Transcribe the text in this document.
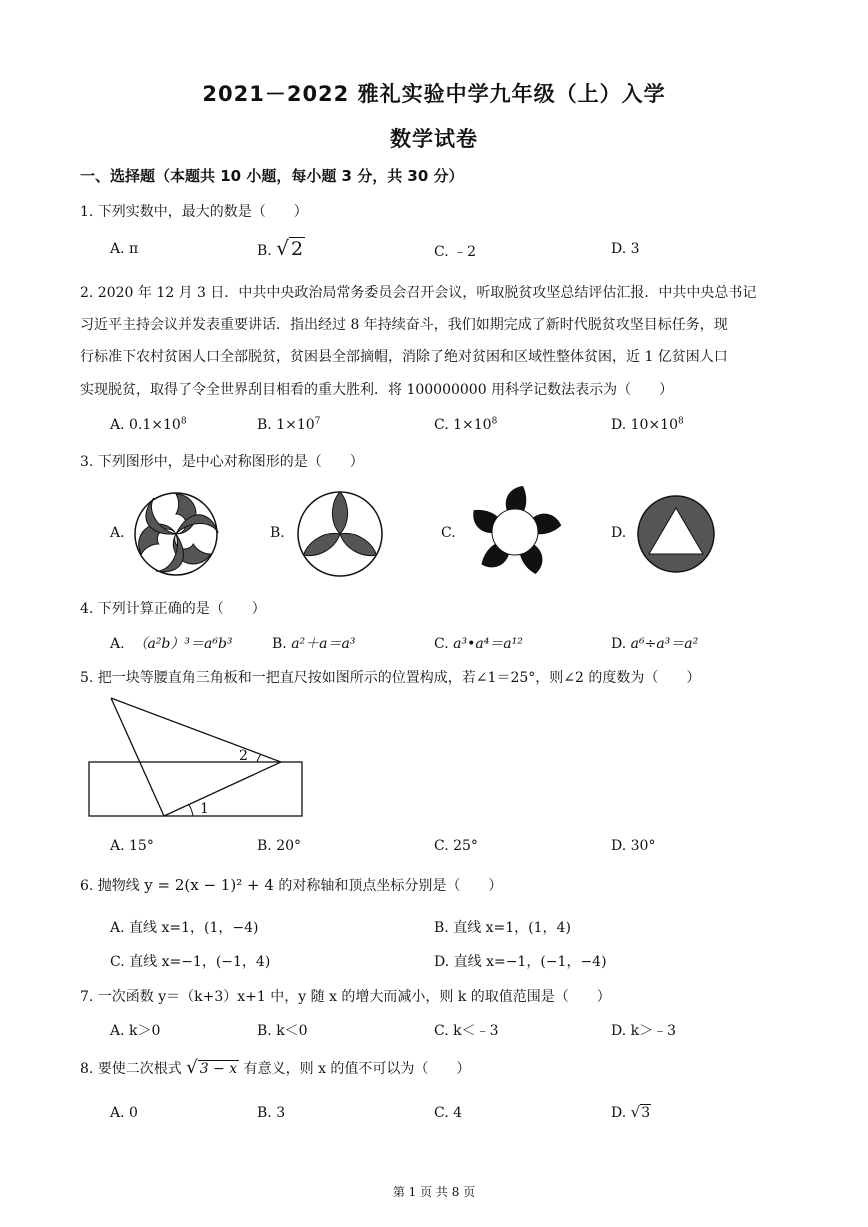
2021－2022 雅礼实验中学九年级（上）入学
数学试卷
一、选择题（本题共 10 小题，每小题 3 分，共 30 分）
1. 下列实数中，最大的数是（　　）
A. π	B. √ 2	C. ﹣2	D. 3
2. 2020 年 12 月 3 日．中共中央政治局常务委员会召开会议，听取脱贫攻坚总结评估汇报．中共中央总书记
习近平主持会议并发表重要讲话．指出经过 8 年持续奋斗，我们如期完成了新时代脱贫攻坚目标任务，现
行标准下农村贫困人口全部脱贫，贫困县全部摘帽，消除了绝对贫困和区域性整体贫困，近 1 亿贫困人口
实现脱贫，取得了令全世界刮目相看的重大胜利．将 100000000 用科学记数法表示为（　　）
A. $0.1\times 10^8$	B. $1\times 10^7$	C. $1\times 10^8$	D. $10\times 10^8$
3. 下列图形中，是中心对称图形的是（　　）
A.	B.	C.	D.
4. 下列计算正确的是（　　）
A. （a²b）³＝a⁶b³	B. a²＋a＝a³	C. a³•a⁴＝a¹²	D. a⁶÷a³＝a²
5. 把一块等腰直角三角板和一把直尺按如图所示的位置构成，若∠1＝25°，则∠2 的度数为（　　）
1
2
A. 15°	B. 20°	C. 25°	D. 30°
6. 抛物线 y = 2(x − 1)² + 4 的对称轴和顶点坐标分别是（　　）
A. 直线 x=1，(1，−4)	B. 直线 x=1，(1，4)
C. 直线 x=−1，(−1，4)	D. 直线 x=−1，(−1，−4)
7. 一次函数 y＝（k+3）x+1 中，y 随 x 的增大而减小，则 k 的取值范围是（　　）
A. k＞0	B. k＜0	C. k＜﹣3	D. k＞﹣3
8. 要使二次根式 √ 3 − x 有意义，则 x 的值不可以为（　　）
A. 0	B. 3	C. 4	D. √3
第 1 页 共 8 页
